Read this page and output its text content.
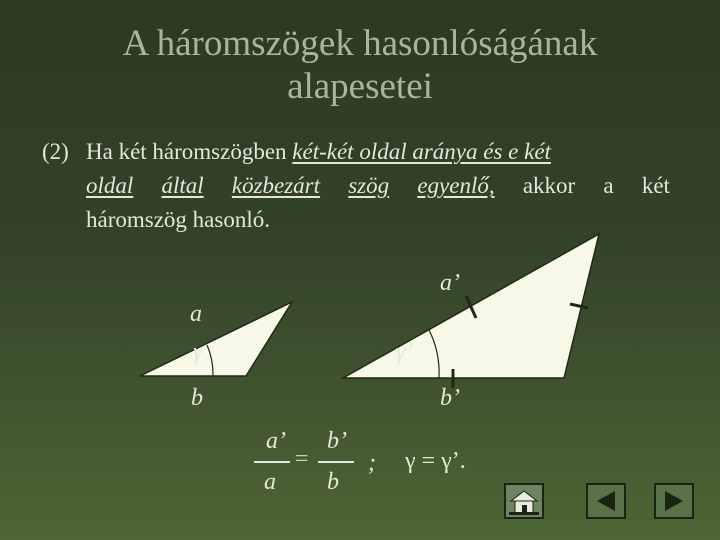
A háromszögek hasonlóságának
alapesetei
(2) Ha két háromszögben két-két oldal aránya és e két
oldal által közbezárt szög egyenlő, akkor a két
háromszög hasonló.
a
γ
b
a’
γ’
b’
a’
a
=
b’
b
; γ = γ’.
